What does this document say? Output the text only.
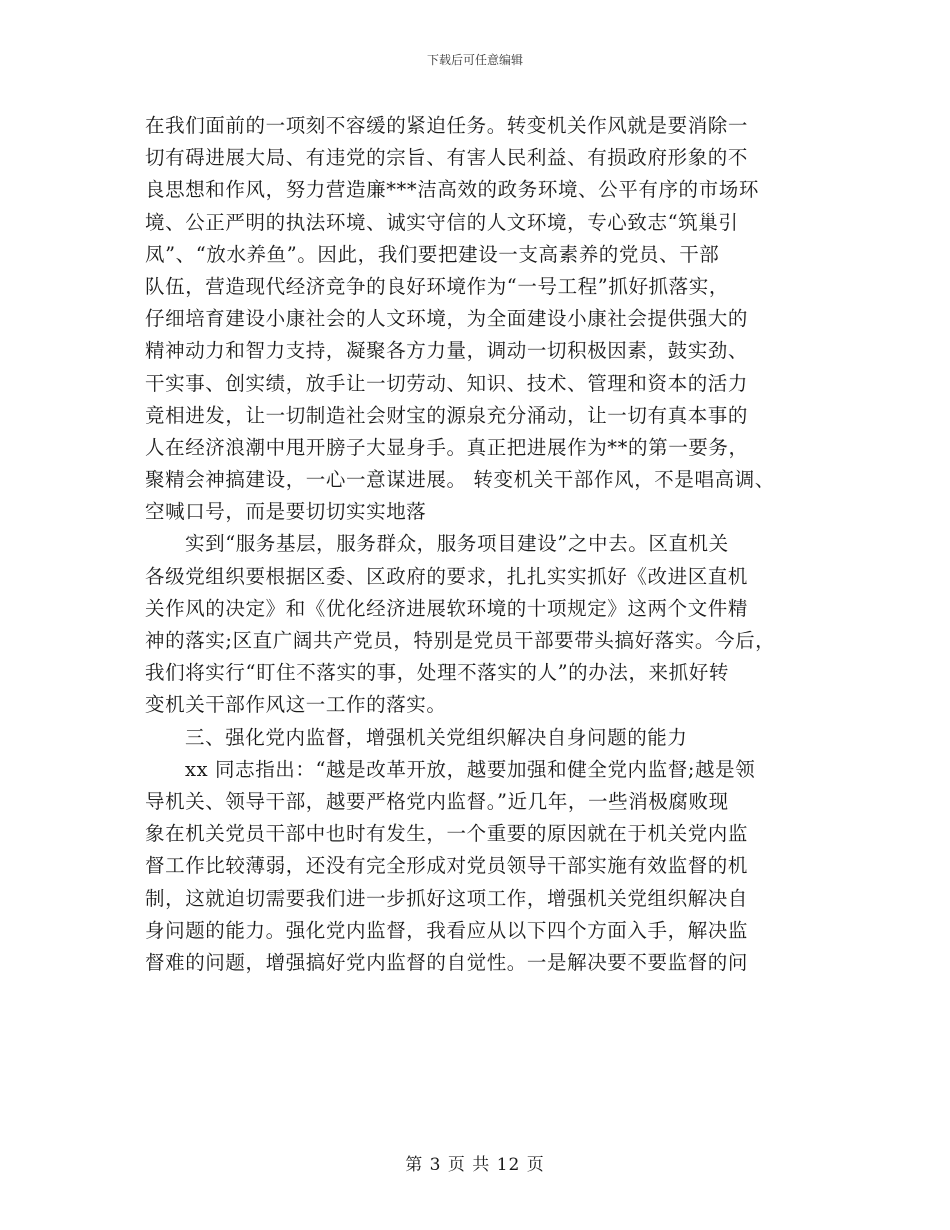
下载后可任意编辑

在我们面前的一项刻不容缓的紧迫任务。转变机关作风就是要消除一

切有碍进展大局、有违党的宗旨、有害人民利益、有损政府形象的不

良思想和作风，努力营造廉***洁高效的政务环境、公平有序的市场环

境、公正严明的执法环境、诚实守信的人文环境，专心致志“筑巢引

凤”、“放水养鱼”。因此，我们要把建设一支高素养的党员、干部

队伍，营造现代经济竞争的良好环境作为“一号工程”抓好抓落实，

仔细培育建设小康社会的人文环境，为全面建设小康社会提供强大的

精神动力和智力支持，凝聚各方力量，调动一切积极因素，鼓实劲、

干实事、创实绩，放手让一切劳动、知识、技术、管理和资本的活力

竟相进发，让一切制造社会财宝的源泉充分涌动，让一切有真本事的

人在经济浪潮中甩开膀子大显身手。真正把进展作为**的第一要务，

聚精会神搞建设，一心一意谋进展。 转变机关干部作风，不是唱高调、

空喊口号，而是要切切实实地落

实到“服务基层，服务群众，服务项目建设”之中去。区直机关

各级党组织要根据区委、区政府的要求，扎扎实实抓好《改进区直机

关作风的决定》和《优化经济进展软环境的十项规定》这两个文件精

神的落实;区直广阔共产党员，特别是党员干部要带头搞好落实。今后，

我们将实行“盯住不落实的事，处理不落实的人”的办法，来抓好转

变机关干部作风这一工作的落实。

三、强化党内监督，增强机关党组织解决自身问题的能力

xx 同志指出：“越是改革开放，越要加强和健全党内监督;越是领

导机关、领导干部，越要严格党内监督。”近几年，一些消极腐败现

象在机关党员干部中也时有发生，一个重要的原因就在于机关党内监

督工作比较薄弱，还没有完全形成对党员领导干部实施有效监督的机

制，这就迫切需要我们进一步抓好这项工作，增强机关党组织解决自

身问题的能力。强化党内监督，我看应从以下四个方面入手，解决监

督难的问题，增强搞好党内监督的自觉性。一是解决要不要监督的问

第 3 页 共 12 页
